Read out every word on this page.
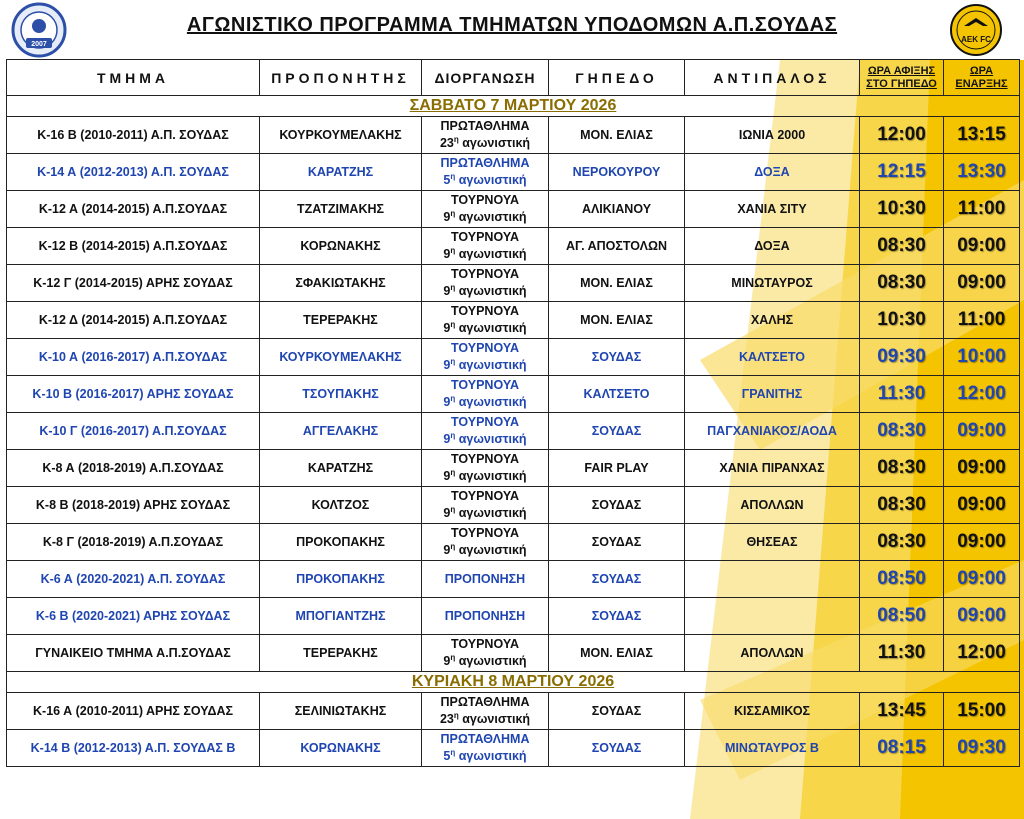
2007
AEK FC
ΑΓΩΝΙΣΤΙΚΟ ΠΡΟΓΡΑΜΜΑ ΤΜΗΜΑΤΩΝ ΥΠΟΔΟΜΩΝ Α.Π.ΣΟΥΔΑΣ
ΤΜΗΜΑ	ΠΡΟΠΟΝΗΤΗΣ	ΔΙΟΡΓΑΝΩΣΗ	ΓΗΠΕΔΟ	ΑΝΤΙΠΑΛΟΣ	ΩΡΑ ΑΦΙΞΗΣ
ΣΤΟ ΓΗΠΕΔΟ	ΩΡΑ
ΕΝΑΡΞΗΣ

ΣΑΒΒΑΤΟ 7 ΜΑΡΤΙΟΥ 2026						
Κ-16 Β (2010-2011) Α.Π. ΣΟΥΔΑΣ	ΚΟΥΡΚΟΥΜΕΛΑΚΗΣ	ΠΡΩΤΑΘΛΗΜΑ
$23^\eta$ αγωνιστική	ΜΟΝ. ΕΛΙΑΣ	ΙΩΝΙΑ 2000	12:00	13:15
Κ-14 Α (2012-2013) Α.Π. ΣΟΥΔΑΣ	ΚΑΡΑΤΖΗΣ	ΠΡΩΤΑΘΛΗΜΑ
$5^\eta$ αγωνιστική	ΝΕΡΟΚΟΥΡΟΥ	ΔΟΞΑ	12:15	13:30
Κ-12 Α (2014-2015) Α.Π.ΣΟΥΔΑΣ	ΤΖΑΤΖΙΜΑΚΗΣ	ΤΟΥΡΝΟΥΑ
$9^\eta$ αγωνιστική	ΑΛΙΚΙΑΝΟΥ	ΧΑΝΙΑ ΣΙΤΥ	10:30	11:00
Κ-12 Β (2014-2015) Α.Π.ΣΟΥΔΑΣ	ΚΟΡΩΝΑΚΗΣ	ΤΟΥΡΝΟΥΑ
$9^\eta$ αγωνιστική	ΑΓ. ΑΠΟΣΤΟΛΩΝ	ΔΟΞΑ	08:30	09:00
Κ-12 Γ (2014-2015) ΑΡΗΣ ΣΟΥΔΑΣ	ΣΦΑΚΙΩΤΑΚΗΣ	ΤΟΥΡΝΟΥΑ
$9^\eta$ αγωνιστική	ΜΟΝ. ΕΛΙΑΣ	ΜΙΝΩΤΑΥΡΟΣ	08:30	09:00
Κ-12 Δ (2014-2015) Α.Π.ΣΟΥΔΑΣ	ΤΕΡΕΡΑΚΗΣ	ΤΟΥΡΝΟΥΑ
$9^\eta$ αγωνιστική	ΜΟΝ. ΕΛΙΑΣ	ΧΑΛΗΣ	10:30	11:00
Κ-10 Α (2016-2017) Α.Π.ΣΟΥΔΑΣ	ΚΟΥΡΚΟΥΜΕΛΑΚΗΣ	ΤΟΥΡΝΟΥΑ
$9^\eta$ αγωνιστική	ΣΟΥΔΑΣ	ΚΑΛΤΣΕΤΟ	09:30	10:00
Κ-10 Β (2016-2017) ΑΡΗΣ ΣΟΥΔΑΣ	ΤΣΟΥΠΑΚΗΣ	ΤΟΥΡΝΟΥΑ
$9^\eta$ αγωνιστική	ΚΑΛΤΣΕΤΟ	ΓΡΑΝΙΤΗΣ	11:30	12:00
Κ-10 Γ (2016-2017) Α.Π.ΣΟΥΔΑΣ	ΑΓΓΕΛΑΚΗΣ	ΤΟΥΡΝΟΥΑ
$9^\eta$ αγωνιστική	ΣΟΥΔΑΣ	ΠΑΓΧΑΝΙΑΚΟΣ/ΑΟΔΑ	08:30	09:00
Κ-8 Α (2018-2019) Α.Π.ΣΟΥΔΑΣ	ΚΑΡΑΤΖΗΣ	ΤΟΥΡΝΟΥΑ
$9^\eta$ αγωνιστική	FAIR PLAY	ΧΑΝΙΑ ΠΙΡΑΝΧΑΣ	08:30	09:00
Κ-8 Β (2018-2019) ΑΡΗΣ ΣΟΥΔΑΣ	ΚΟΛΤΖΟΣ	ΤΟΥΡΝΟΥΑ
$9^\eta$ αγωνιστική	ΣΟΥΔΑΣ	ΑΠΟΛΛΩΝ	08:30	09:00
Κ-8 Γ (2018-2019) Α.Π.ΣΟΥΔΑΣ	ΠΡΟΚΟΠΑΚΗΣ	ΤΟΥΡΝΟΥΑ
$9^\eta$ αγωνιστική	ΣΟΥΔΑΣ	ΘΗΣΕΑΣ	08:30	09:00
Κ-6 Α (2020-2021) Α.Π. ΣΟΥΔΑΣ	ΠΡΟΚΟΠΑΚΗΣ	ΠΡΟΠΟΝΗΣΗ	ΣΟΥΔΑΣ		08:50	09:00
Κ-6 Β (2020-2021) ΑΡΗΣ ΣΟΥΔΑΣ	ΜΠΟΓΙΑΝΤΖΗΣ	ΠΡΟΠΟΝΗΣΗ	ΣΟΥΔΑΣ		08:50	09:00
ΓΥΝΑΙΚΕΙΟ ΤΜΗΜΑ Α.Π.ΣΟΥΔΑΣ	ΤΕΡΕΡΑΚΗΣ	ΤΟΥΡΝΟΥΑ
$9^\eta$ αγωνιστική	ΜΟΝ. ΕΛΙΑΣ	ΑΠΟΛΛΩΝ	11:30	12:00
ΚΥΡΙΑΚΗ 8 ΜΑΡΤΙΟΥ 2026						
Κ-16 Α (2010-2011) ΑΡΗΣ ΣΟΥΔΑΣ	ΣΕΛΙΝΙΩΤΑΚΗΣ	ΠΡΩΤΑΘΛΗΜΑ
$23^\eta$ αγωνιστική	ΣΟΥΔΑΣ	ΚΙΣΣΑΜΙΚΟΣ	13:45	15:00
Κ-14 Β (2012-2013) Α.Π. ΣΟΥΔΑΣ Β	ΚΟΡΩΝΑΚΗΣ	ΠΡΩΤΑΘΛΗΜΑ
$5^\eta$ αγωνιστική	ΣΟΥΔΑΣ	ΜΙΝΩΤΑΥΡΟΣ Β	08:15	09:30
